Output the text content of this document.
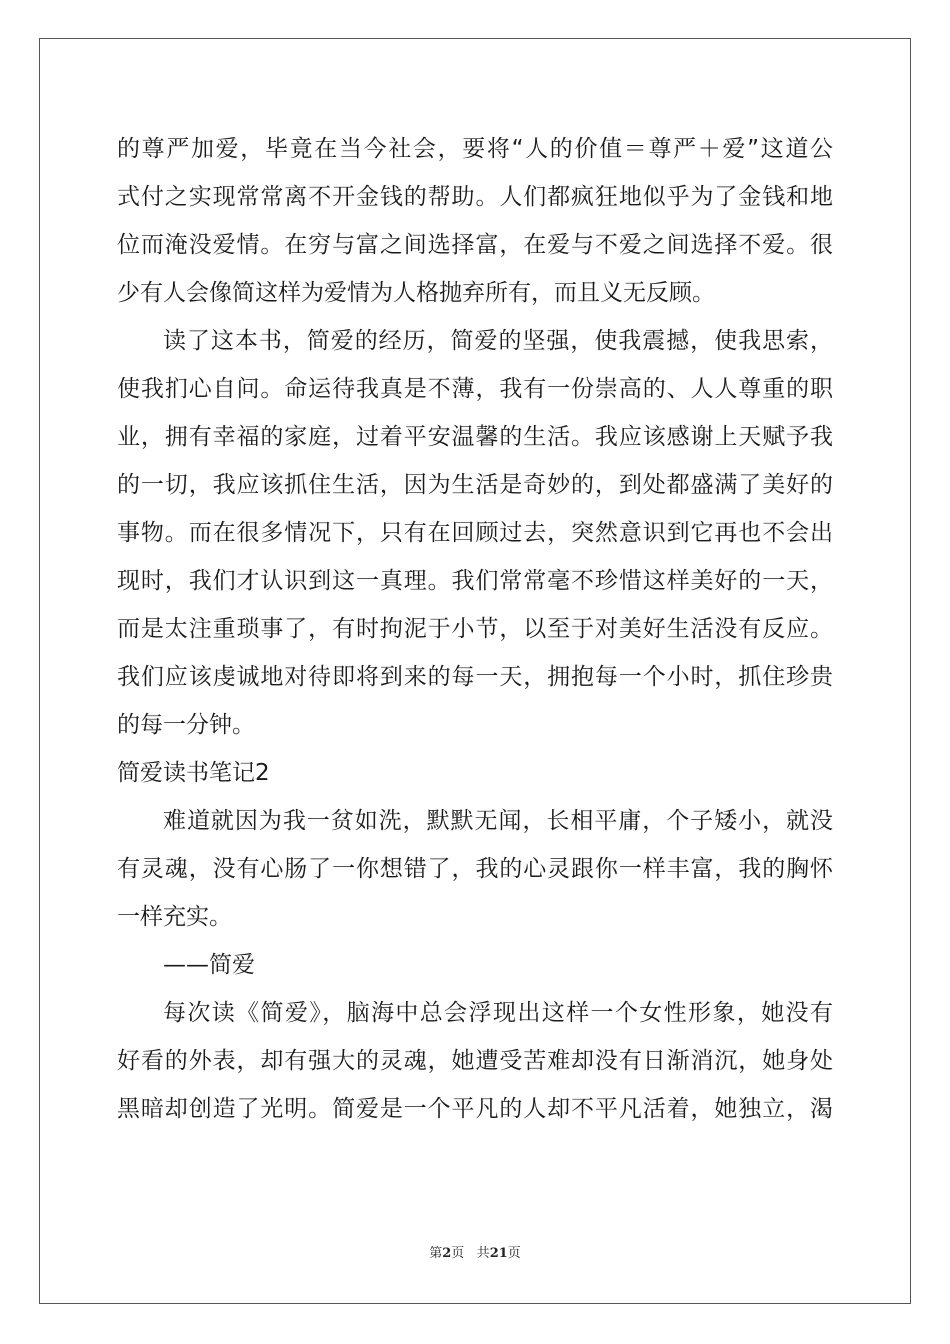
的尊严加爱，毕竟在当今社会，要将“人的价值＝尊严＋爱”这道公
式付之实现常常离不开金钱的帮助。人们都疯狂地似乎为了金钱和地
位而淹没爱情。在穷与富之间选择富，在爱与不爱之间选择不爱。很
少有人会像简这样为爱情为人格抛弃所有，而且义无反顾。
读了这本书，简爱的经历，简爱的坚强，使我震撼，使我思索，
使我扪心自问。命运待我真是不薄，我有一份崇高的、人人尊重的职
业，拥有幸福的家庭，过着平安温馨的生活。我应该感谢上天赋予我
的一切，我应该抓住生活，因为生活是奇妙的，到处都盛满了美好的
事物。而在很多情况下，只有在回顾过去，突然意识到它再也不会出
现时，我们才认识到这一真理。我们常常毫不珍惜这样美好的一天，
而是太注重琐事了，有时拘泥于小节，以至于对美好生活没有反应。
我们应该虔诚地对待即将到来的每一天，拥抱每一个小时，抓住珍贵
的每一分钟。
简爱读书笔记2
难道就因为我一贫如洗，默默无闻，长相平庸，个子矮小，就没
有灵魂，没有心肠了一你想错了，我的心灵跟你一样丰富，我的胸怀
一样充实。
——简爱
每次读《简爱》，脑海中总会浮现出这样一个女性形象，她没有
好看的外表，却有强大的灵魂，她遭受苦难却没有日渐消沉，她身处
黑暗却创造了光明。简爱是一个平凡的人却不平凡活着，她独立，渴
第2页 共21页
